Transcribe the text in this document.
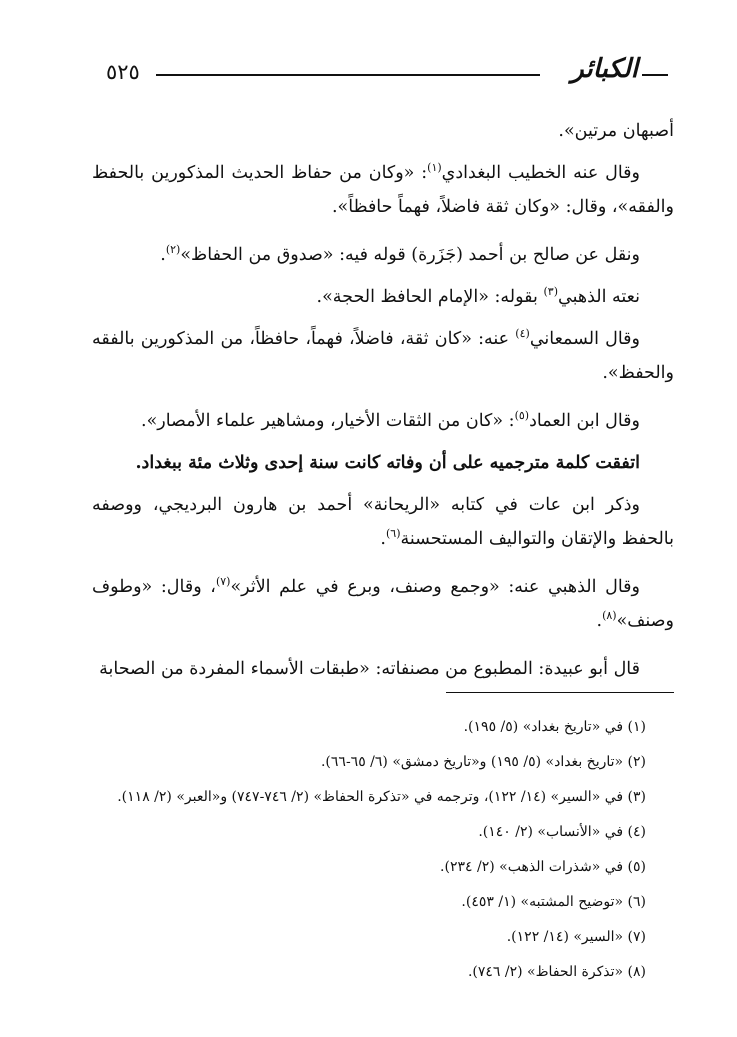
٥٢٥	الكبائر
أصبهان مرتين».
وقال عنه الخطيب البغدادي$^{(١)}$: «وكان من حفاظ الحديث المذكورين بالحفظ والفقه»، وقال: «وكان ثقة فاضلاً، فهماً حافظاً».
ونقل عن صالح بن أحمد (جَزَرة) قوله فيه: «صدوق من الحفاظ»$^{(٢)}$.
نعته الذهبي$^{(٣)}$ بقوله: «الإمام الحافظ الحجة».
وقال السمعاني$^{(٤)}$ عنه: «كان ثقة، فاضلاً، فهماً، حافظاً، من المذكورين بالفقه والحفظ».
وقال ابن العماد$^{(٥)}$: «كان من الثقات الأخيار، ومشاهير علماء الأمصار».
اتفقت كلمة مترجميه على أن وفاته كانت سنة إحدى وثلاث مئة ببغداد.
وذكر ابن عات في كتابه «الريحانة» أحمد بن هارون البرديجي، ووصفه بالحفظ والإتقان والتواليف المستحسنة$^{(٦)}$.
وقال الذهبي عنه: «وجمع وصنف، وبرع في علم الأثر»$^{(٧)}$، وقال: «وطوف وصنف»$^{(٨)}$.
قال أبو عبيدة: المطبوع من مصنفاته: «طبقات الأسماء المفردة من الصحابة
(١) في «تاريخ بغداد» (٥/ ١٩٥).
(٢) «تاريخ بغداد» (٥/ ١٩٥) و«تاريخ دمشق» (٦/ ٦٥-٦٦).
(٣) في «السير» (١٤/ ١٢٢)، وترجمه في «تذكرة الحفاظ» (٢/ ٧٤٦-٧٤٧) و«العبر» (٢/ ١١٨).
(٤) في «الأنساب» (٢/ ١٤٠).
(٥) في «شذرات الذهب» (٢/ ٢٣٤).
(٦) «توضيح المشتبه» (١/ ٤٥٣).
(٧) «السير» (١٤/ ١٢٢).
(٨) «تذكرة الحفاظ» (٢/ ٧٤٦).
